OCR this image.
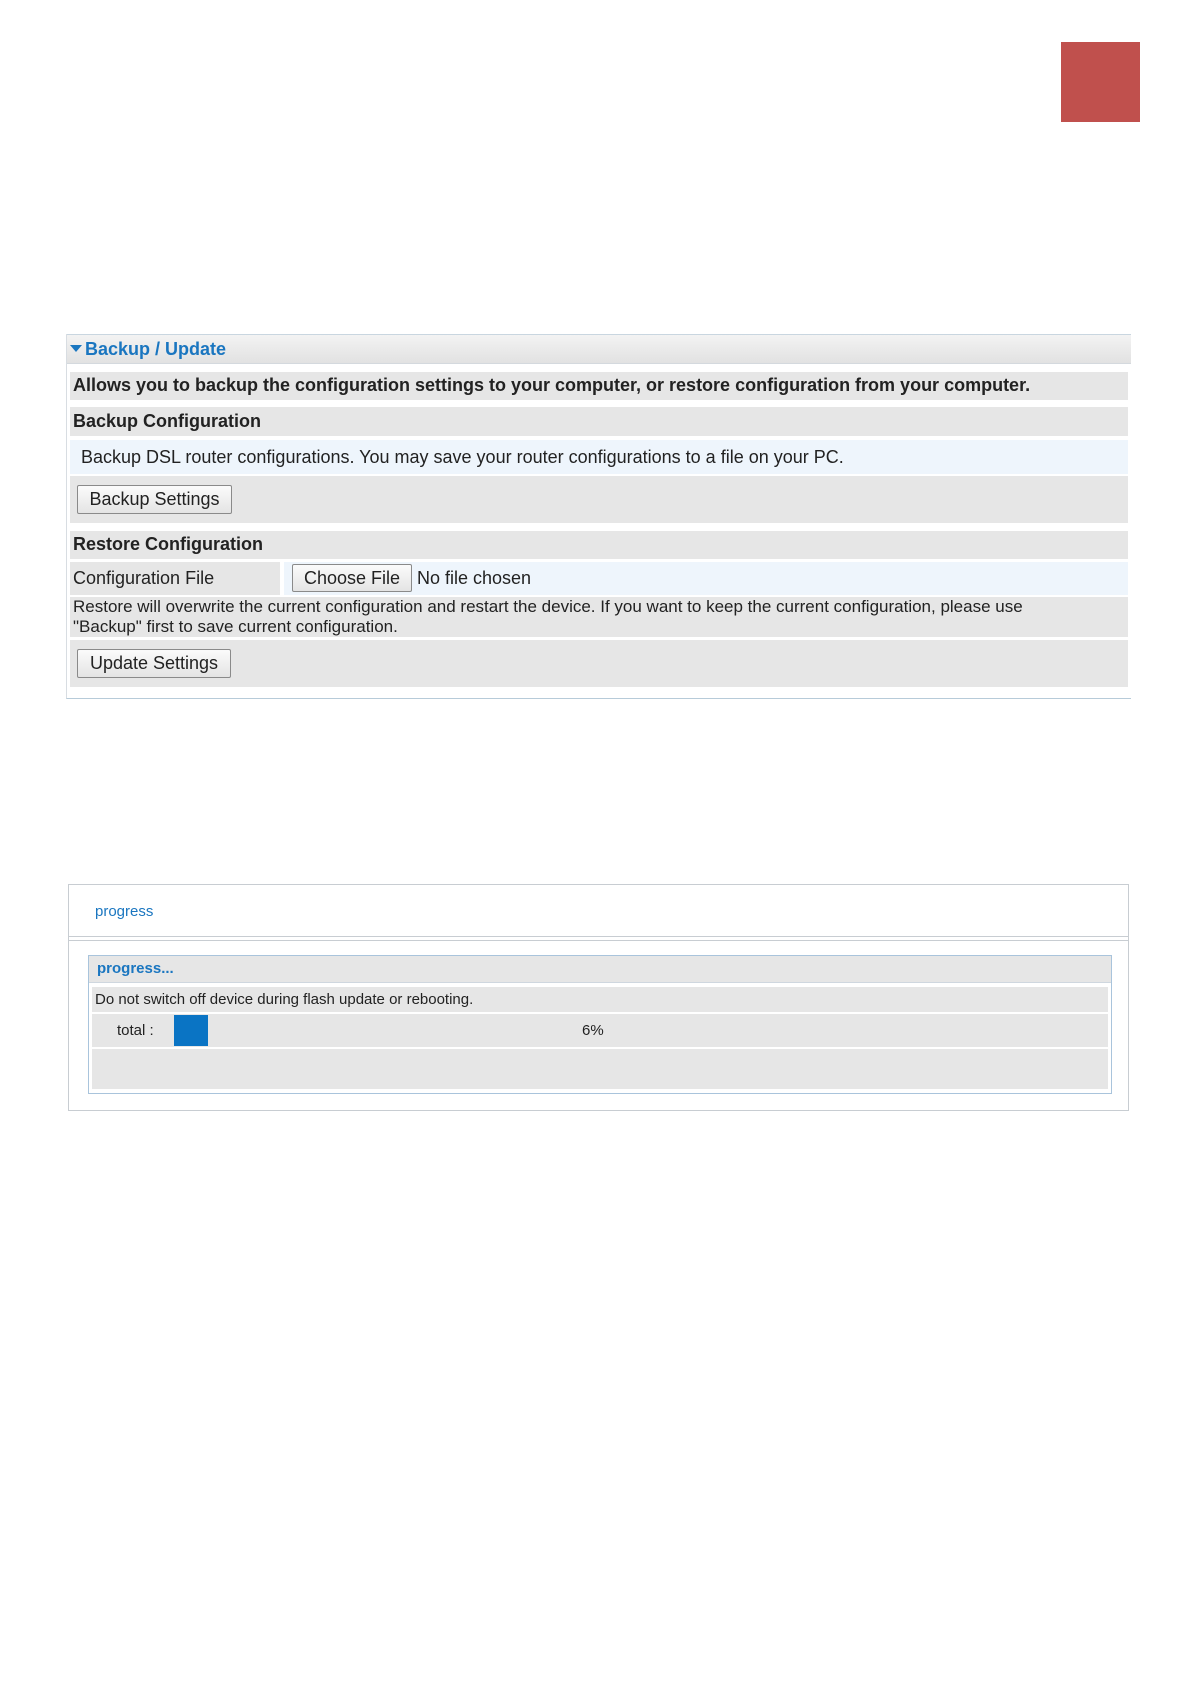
Backup / Update
Allows you to backup the configuration settings to your computer, or restore configuration from your computer.
Backup Configuration
Backup DSL router configurations. You may save your router configurations to a file on your PC.
Backup Settings
Restore Configuration
Configuration File	Choose File No file chosen
Restore will overwrite the current configuration and restart the device. If you want to keep the current configuration, please use
"Backup" first to save current configuration.
Update Settings
progress
progress...
Do not switch off device during flash update or rebooting.
total :	6%
